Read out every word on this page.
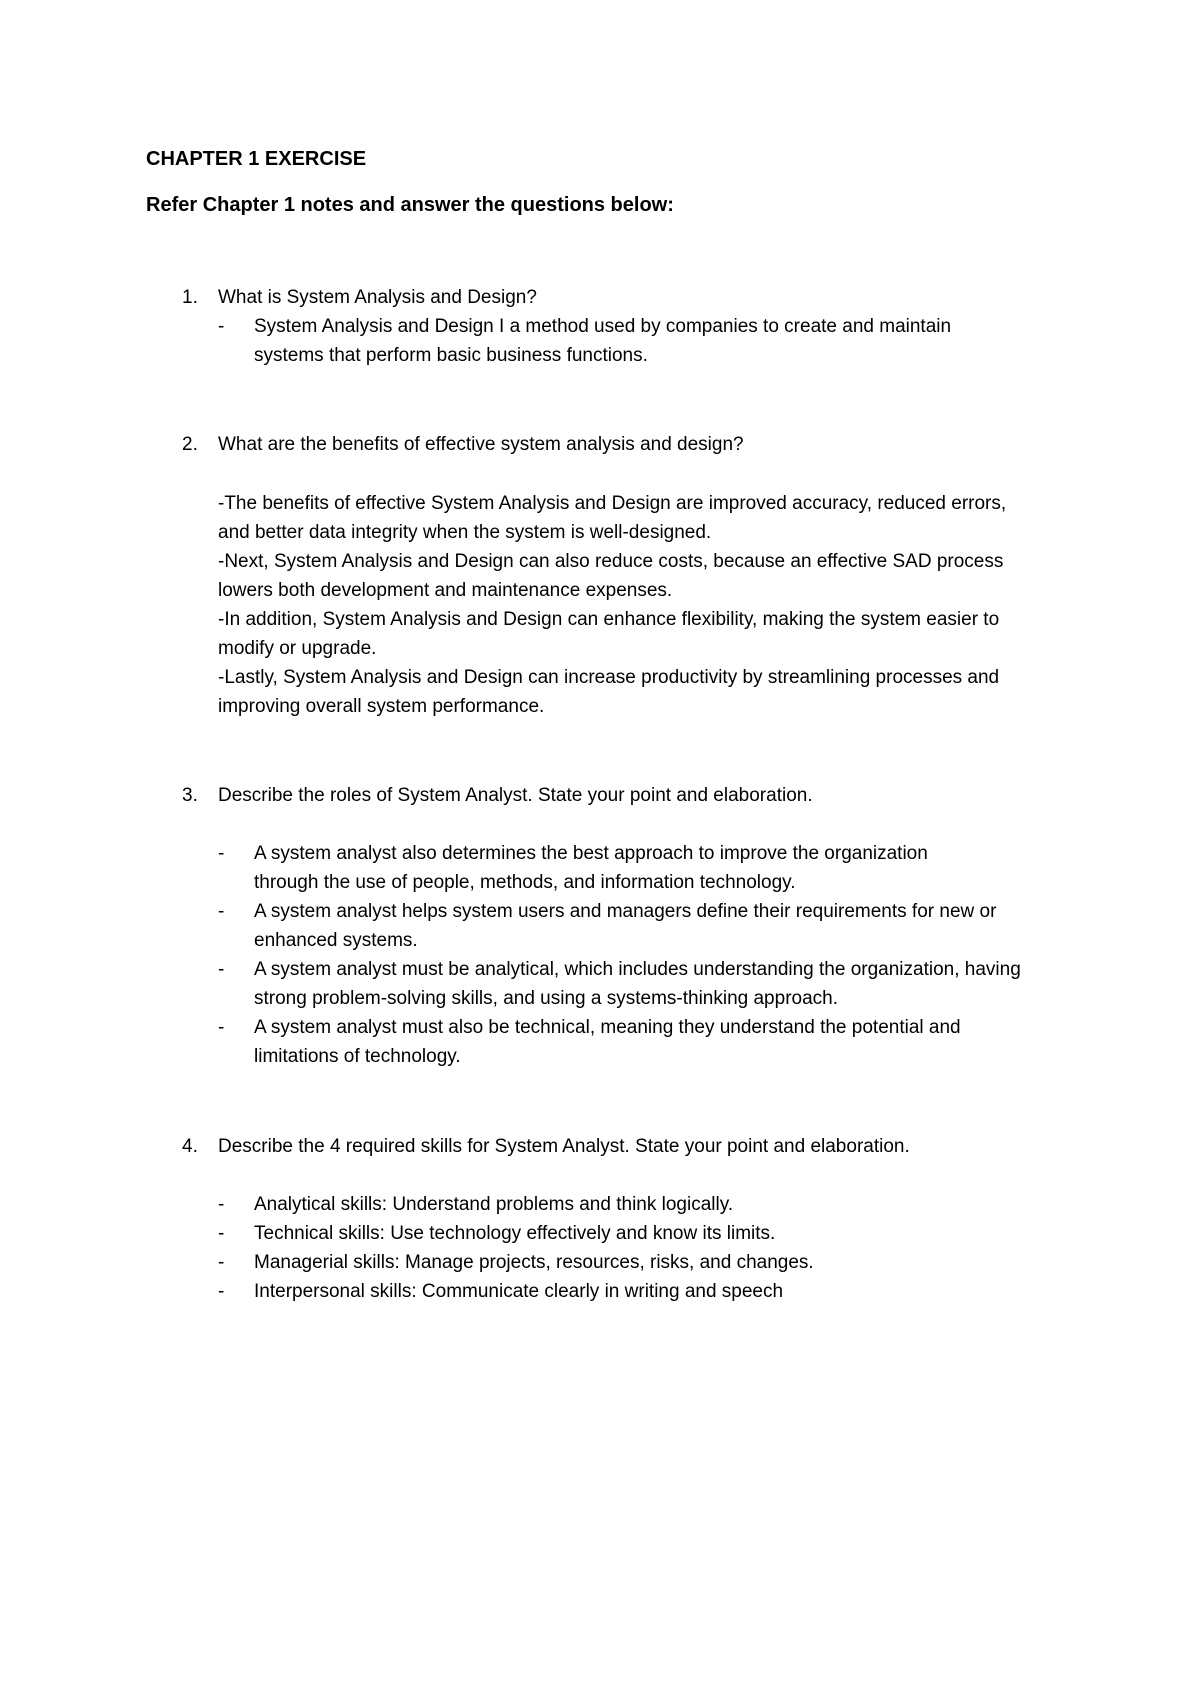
CHAPTER 1 EXERCISE
Refer Chapter 1 notes and answer the questions below:
1. What is System Analysis and Design?
- System Analysis and Design I a method used by companies to create and maintain systems that perform basic business functions.
2. What are the benefits of effective system analysis and design?
-The benefits of effective System Analysis and Design are improved accuracy, reduced errors,
and better data integrity when the system is well-designed.
-Next, System Analysis and Design can also reduce costs, because an effective SAD process
lowers both development and maintenance expenses.
-In addition, System Analysis and Design can enhance flexibility, making the system easier to
modify or upgrade.
-Lastly, System Analysis and Design can increase productivity by streamlining processes and
improving overall system performance.
3. Describe the roles of System Analyst. State your point and elaboration.
- A system analyst also determines the best approach to improve the organization through the use of people, methods, and information technology.
- A system analyst helps system users and managers define their requirements for new or enhanced systems.
- A system analyst must be analytical, which includes understanding the organization, having strong problem-solving skills, and using a systems-thinking approach.
- A system analyst must also be technical, meaning they understand the potential and limitations of technology.
4. Describe the 4 required skills for System Analyst. State your point and elaboration.
- Analytical skills: Understand problems and think logically.
- Technical skills: Use technology effectively and know its limits.
- Managerial skills: Manage projects, resources, risks, and changes.
- Interpersonal skills: Communicate clearly in writing and speech
